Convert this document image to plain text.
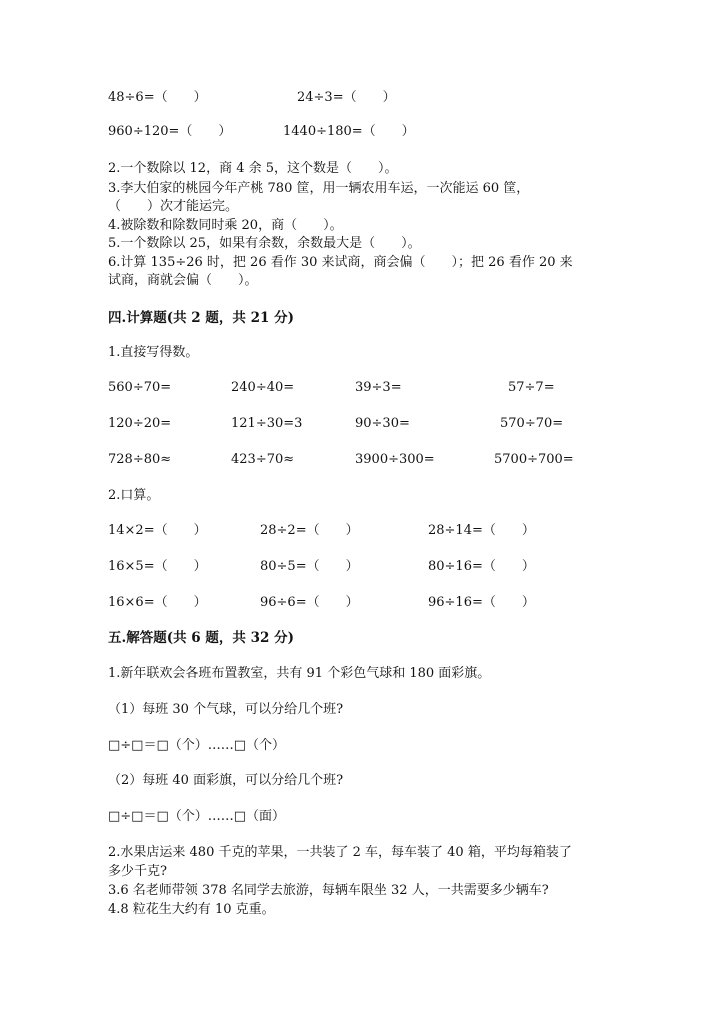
48÷6=（　　）	24÷3=（　　）
960÷120=（　　）	1440÷180=（　　）
2.一个数除以 12，商 4 余 5，这个数是（　　）。
3.李大伯家的桃园今年产桃 780 筐，用一辆农用车运，一次能运 60 筐，
（　　）次才能运完。
4.被除数和除数同时乘 20，商（　　）。
5.一个数除以 25，如果有余数，余数最大是（　　）。
6.计算 135÷26 时，把 26 看作 30 来试商，商会偏（　　）；把 26 看作 20 来
试商，商就会偏（　　）。
四.计算题(共 2 题，共 21 分)
1.直接写得数。
560÷70=	240÷40=	39÷3=	57÷7=
120÷20=	121÷30=3	90÷30=	570÷70=
728÷80≈	423÷70≈	3900÷300=	5700÷700=
2.口算。
14×2=（　　）	28÷2=（　　）	28÷14=（　　）
16×5=（　　）	80÷5=（　　）	80÷16=（　　）
16×6=（　　）	96÷6=（　　）	96÷16=（　　）
五.解答题(共 6 题，共 32 分)
1.新年联欢会各班布置教室，共有 91 个彩色气球和 180 面彩旗。
（1）每班 30 个气球，可以分给几个班?
□÷□＝□（个）……□（个）
（2）每班 40 面彩旗，可以分给几个班?
□÷□＝□（个）……□（面）
2.水果店运来 480 千克的苹果，一共装了 2 车，每车装了 40 箱，平均每箱装了
多少千克?
3.6 名老师带领 378 名同学去旅游，每辆车限坐 32 人，一共需要多少辆车?
4.8 粒花生大约有 10 克重。
